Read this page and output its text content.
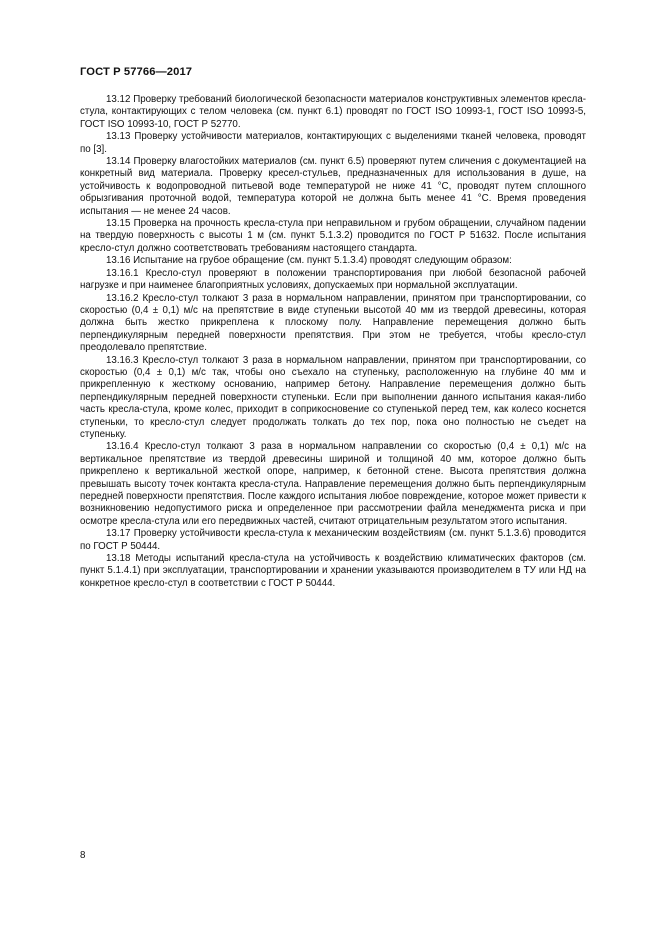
ГОСТ Р 57766—2017

13.12 Проверку требований биологической безопасности материалов конструктивных элементов кресла-стула, контактирующих с телом человека (см. пункт 6.1) проводят по ГОСТ ISO 10993-1, ГОСТ ISO 10993-5, ГОСТ ISO 10993-10, ГОСТ Р 52770.

13.13 Проверку устойчивости материалов, контактирующих с выделениями тканей человека, проводят по [3].

13.14 Проверку влагостойких материалов (см. пункт 6.5) проверяют путем сличения с документацией на конкретный вид материала. Проверку кресел-стульев, предназначенных для использования в душе, на устойчивость к водопроводной питьевой воде температурой не ниже 41 °С, проводят путем сплошного обрызгивания проточной водой, температура которой не должна быть менее 41 °С. Время проведения испытания — не менее 24 часов.

13.15 Проверка на прочность кресла-стула при неправильном и грубом обращении, случайном падении на твердую поверхность с высоты 1 м (см. пункт 5.1.3.2) проводится по ГОСТ Р 51632. После испытания кресло-стул должно соответствовать требованиям настоящего стандарта.

13.16 Испытание на грубое обращение (см. пункт 5.1.3.4) проводят следующим образом:

13.16.1 Кресло-стул проверяют в положении транспортирования при любой безопасной рабочей нагрузке и при наименее благоприятных условиях, допускаемых при нормальной эксплуатации.

13.16.2 Кресло-стул толкают 3 раза в нормальном направлении, принятом при транспортировании, со скоростью (0,4 ± 0,1) м/с на препятствие в виде ступеньки высотой 40 мм из твердой древесины, которая должна быть жестко прикреплена к плоскому полу. Направление перемещения должно быть перпендикулярным передней поверхности препятствия. При этом не требуется, чтобы кресло-стул преодолевало препятствие.

13.16.3 Кресло-стул толкают 3 раза в нормальном направлении, принятом при транспортировании, со скоростью (0,4 ± 0,1) м/с так, чтобы оно съехало на ступеньку, расположенную на глубине 40 мм и прикрепленную к жесткому основанию, например бетону. Направление перемещения должно быть перпендикулярным передней поверхности ступеньки. Если при выполнении данного испытания какая-либо часть кресла-стула, кроме колес, приходит в соприкосновение со ступенькой перед тем, как колесо коснется ступеньки, то кресло-стул следует продолжать толкать до тех пор, пока оно полностью не съедет на ступеньку.

13.16.4 Кресло-стул толкают 3 раза в нормальном направлении со скоростью (0,4 ± 0,1) м/с на вертикальное препятствие из твердой древесины шириной и толщиной 40 мм, которое должно быть прикреплено к вертикальной жесткой опоре, например, к бетонной стене. Высота препятствия должна превышать высоту точек контакта кресла-стула. Направление перемещения должно быть перпендикулярным передней поверхности препятствия. После каждого испытания любое повреждение, которое может привести к возникновению недопустимого риска и определенное при рассмотрении файла менеджмента риска и при осмотре кресла-стула или его передвижных частей, считают отрицательным результатом этого испытания.

13.17 Проверку устойчивости кресла-стула к механическим воздействиям (см. пункт 5.1.3.6) проводится по ГОСТ Р 50444.

13.18 Методы испытаний кресла-стула на устойчивость к воздействию климатических факторов (см. пункт 5.1.4.1) при эксплуатации, транспортировании и хранении указываются производителем в ТУ или НД на конкретное кресло-стул в соответствии с ГОСТ Р 50444.

8
